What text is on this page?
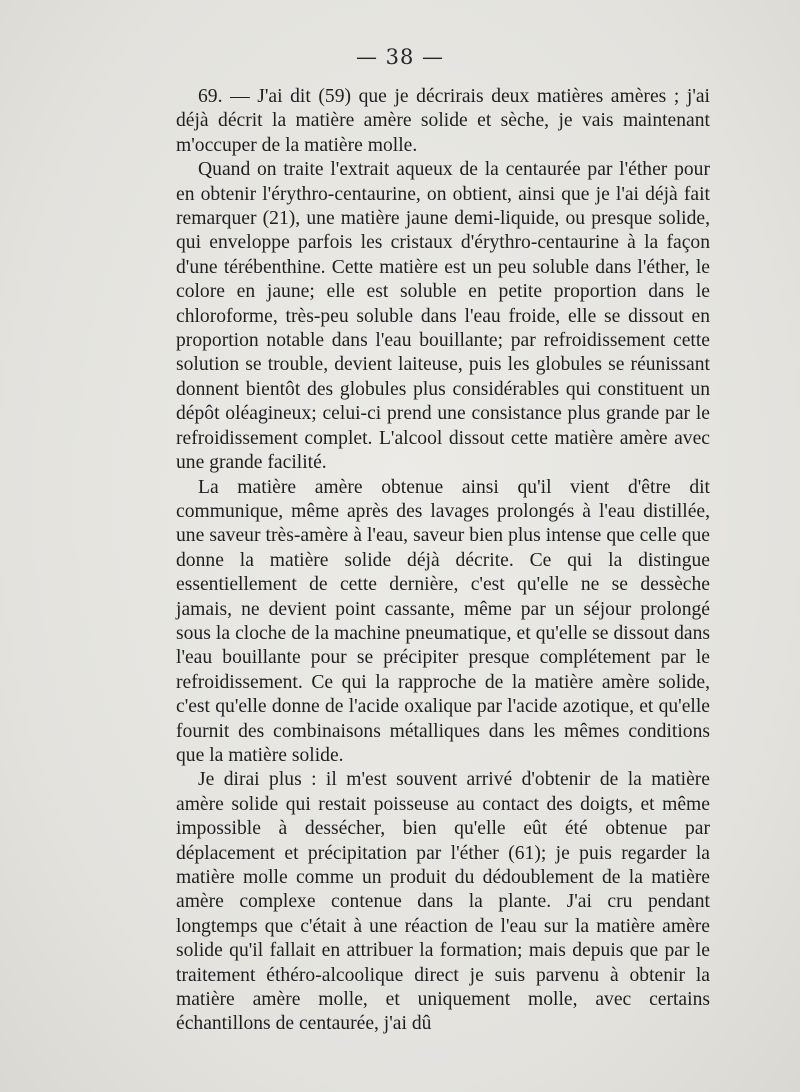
— 38 —

69. — J'ai dit (59) que je décrirais deux matières amères ; j'ai déjà décrit la matière amère solide et sèche, je vais maintenant m'occuper de la matière molle.

Quand on traite l'extrait aqueux de la centaurée par l'éther pour en obtenir l'érythro-centaurine, on obtient, ainsi que je l'ai déjà fait remarquer (21), une matière jaune demi-liquide, ou presque solide, qui enveloppe parfois les cristaux d'érythro-centaurine à la façon d'une térébenthine. Cette matière est un peu soluble dans l'éther, le colore en jaune; elle est soluble en petite proportion dans le chloroforme, très-peu soluble dans l'eau froide, elle se dissout en proportion notable dans l'eau bouillante; par refroidissement cette solution se trouble, devient laiteuse, puis les globules se réunissant donnent bientôt des globules plus considérables qui constituent un dépôt oléagineux; celui-ci prend une consistance plus grande par le refroidissement complet. L'alcool dissout cette matière amère avec une grande facilité.

La matière amère obtenue ainsi qu'il vient d'être dit communique, même après des lavages prolongés à l'eau distillée, une saveur très-amère à l'eau, saveur bien plus intense que celle que donne la matière solide déjà décrite. Ce qui la distingue essentiellement de cette dernière, c'est qu'elle ne se dessèche jamais, ne devient point cassante, même par un séjour prolongé sous la cloche de la machine pneumatique, et qu'elle se dissout dans l'eau bouillante pour se précipiter presque complétement par le refroidissement. Ce qui la rapproche de la matière amère solide, c'est qu'elle donne de l'acide oxalique par l'acide azotique, et qu'elle fournit des combinaisons métalliques dans les mêmes conditions que la matière solide.

Je dirai plus : il m'est souvent arrivé d'obtenir de la matière amère solide qui restait poisseuse au contact des doigts, et même impossible à dessécher, bien qu'elle eût été obtenue par déplacement et précipitation par l'éther (61); je puis regarder la matière molle comme un produit du dédoublement de la matière amère complexe contenue dans la plante. J'ai cru pendant longtemps que c'était à une réaction de l'eau sur la matière amère solide qu'il fallait en attribuer la formation; mais depuis que par le traitement éthéro-alcoolique direct je suis parvenu à obtenir la matière amère molle, et uniquement molle, avec certains échantillons de centaurée, j'ai dû
